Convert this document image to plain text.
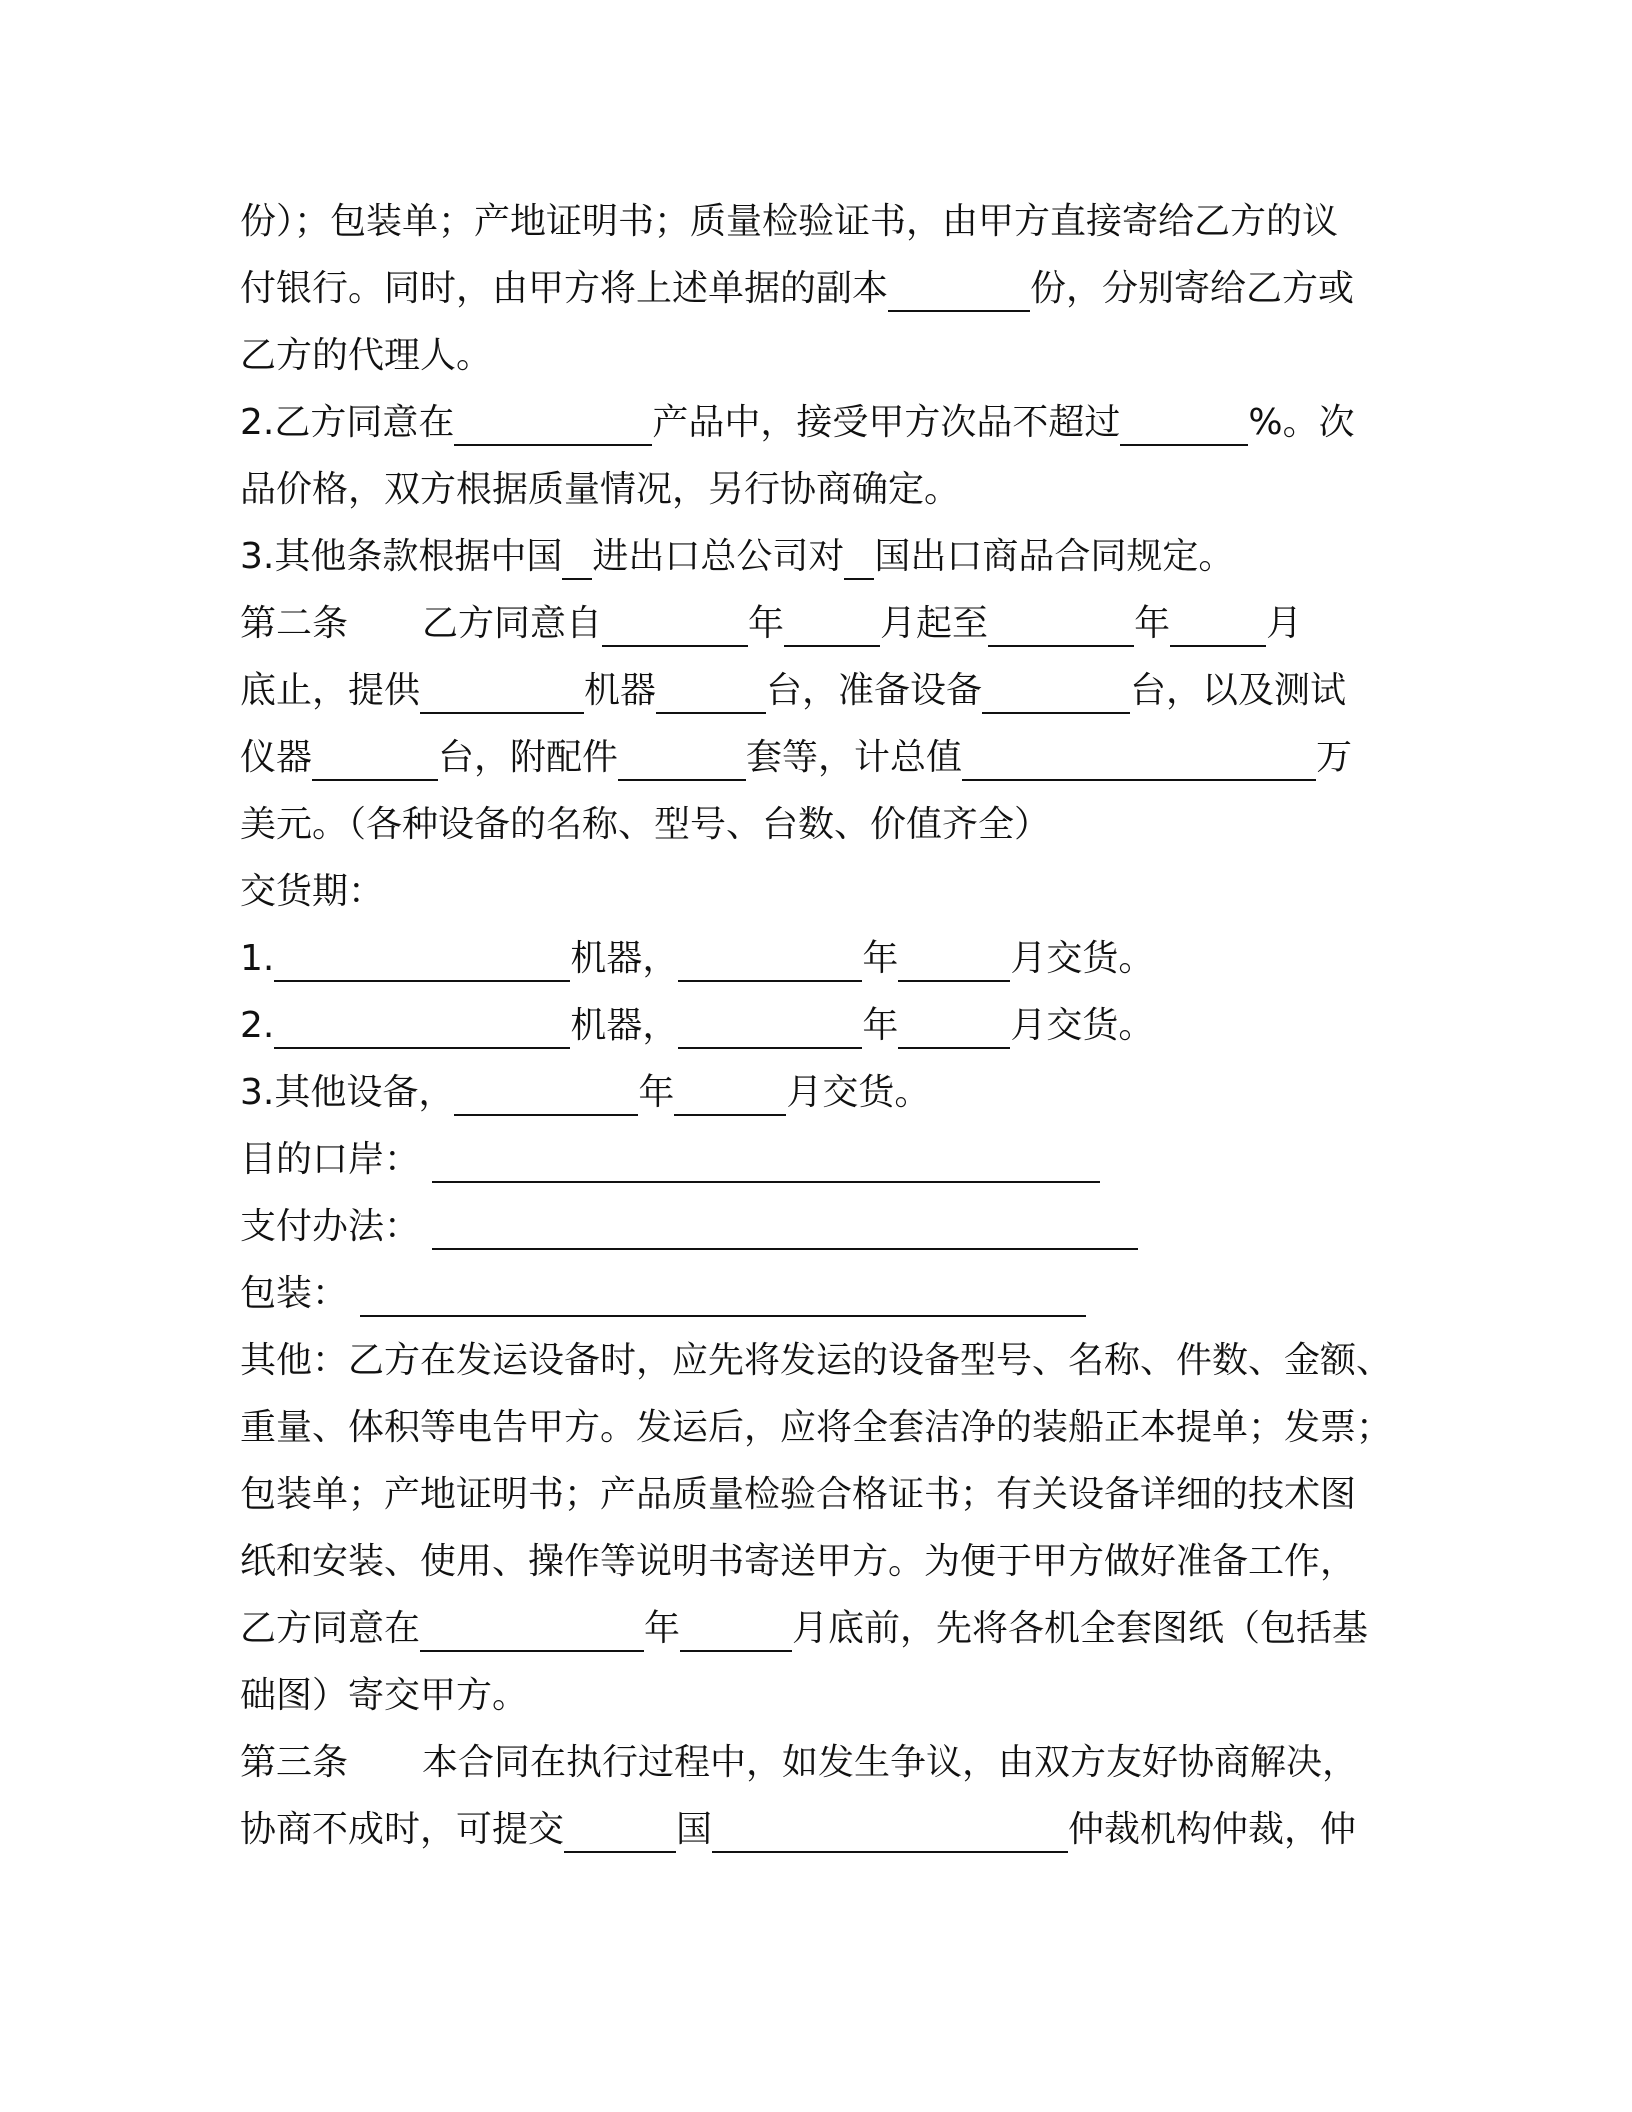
份）；包装单；产地证明书；质量检验证书，由甲方直接寄给乙方的议
付银行。同时，由甲方将上述单据的副本	份，分别寄给乙方或
乙方的代理人。
2.乙方同意在	产品中，接受甲方次品不超过	%。次
品价格，双方根据质量情况，另行协商确定。
3.其他条款根据中国 进出口总公司对 国出口商品合同规定。
第二条 乙方同意自	年	月起至	年	月
底止，提供	机器	台，准备设备	台，以及测试
仪器	台，附配件	套等，计总值	万
美元。（各种设备的名称、型号、台数、价值齐全）
交货期：
1.	机器，	年	月交货。
2.	机器，	年	月交货。
3.其他设备，	年	月交货。
目的口岸：
支付办法：
包装：
其他：乙方在发运设备时，应先将发运的设备型号、名称、件数、金额、
重量、体积等电告甲方。发运后，应将全套洁净的装船正本提单；发票；
包装单；产地证明书；产品质量检验合格证书；有关设备详细的技术图
纸和安装、使用、操作等说明书寄送甲方。为便于甲方做好准备工作，
乙方同意在	年	月底前，先将各机全套图纸（包括基
础图）寄交甲方。
第三条 本合同在执行过程中，如发生争议，由双方友好协商解决，
协商不成时，可提交	国	仲裁机构仲裁，仲
